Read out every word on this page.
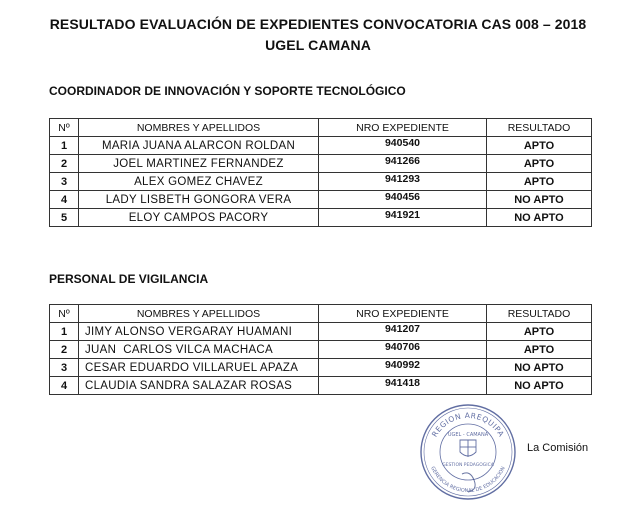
RESULTADO EVALUACIÓN DE EXPEDIENTES CONVOCATORIA CAS 008 – 2018
UGEL CAMANA
COORDINADOR DE INNOVACIÓN Y SOPORTE TECNOLÓGICO
Nº	NOMBRES Y APELLIDOS	NRO EXPEDIENTE	RESULTADO
1	MARIA JUANA ALARCON ROLDAN	940540	APTO
2	JOEL MARTINEZ FERNANDEZ	941266	APTO
3	ALEX GOMEZ CHAVEZ	941293	APTO
4	LADY LISBETH GONGORA VERA	940456	NO APTO
5	ELOY CAMPOS PACORY	941921	NO APTO
PERSONAL DE VIGILANCIA
Nº	NOMBRES Y APELLIDOS	NRO EXPEDIENTE	RESULTADO
1	JIMY ALONSO VERGARAY HUAMANI	941207	APTO
2	JUAN  CARLOS VILCA MACHACA	940706	APTO
3	CESAR EDUARDO VILLARUEL APAZA	940992	NO APTO
4	CLAUDIA SANDRA SALAZAR ROSAS	941418	NO APTO
REGION AREQUIPA
GERENCIA REGIONAL DE EDUCACION
UGEL - CAMANA
GESTION PEDAGOGICA
La Comisión
